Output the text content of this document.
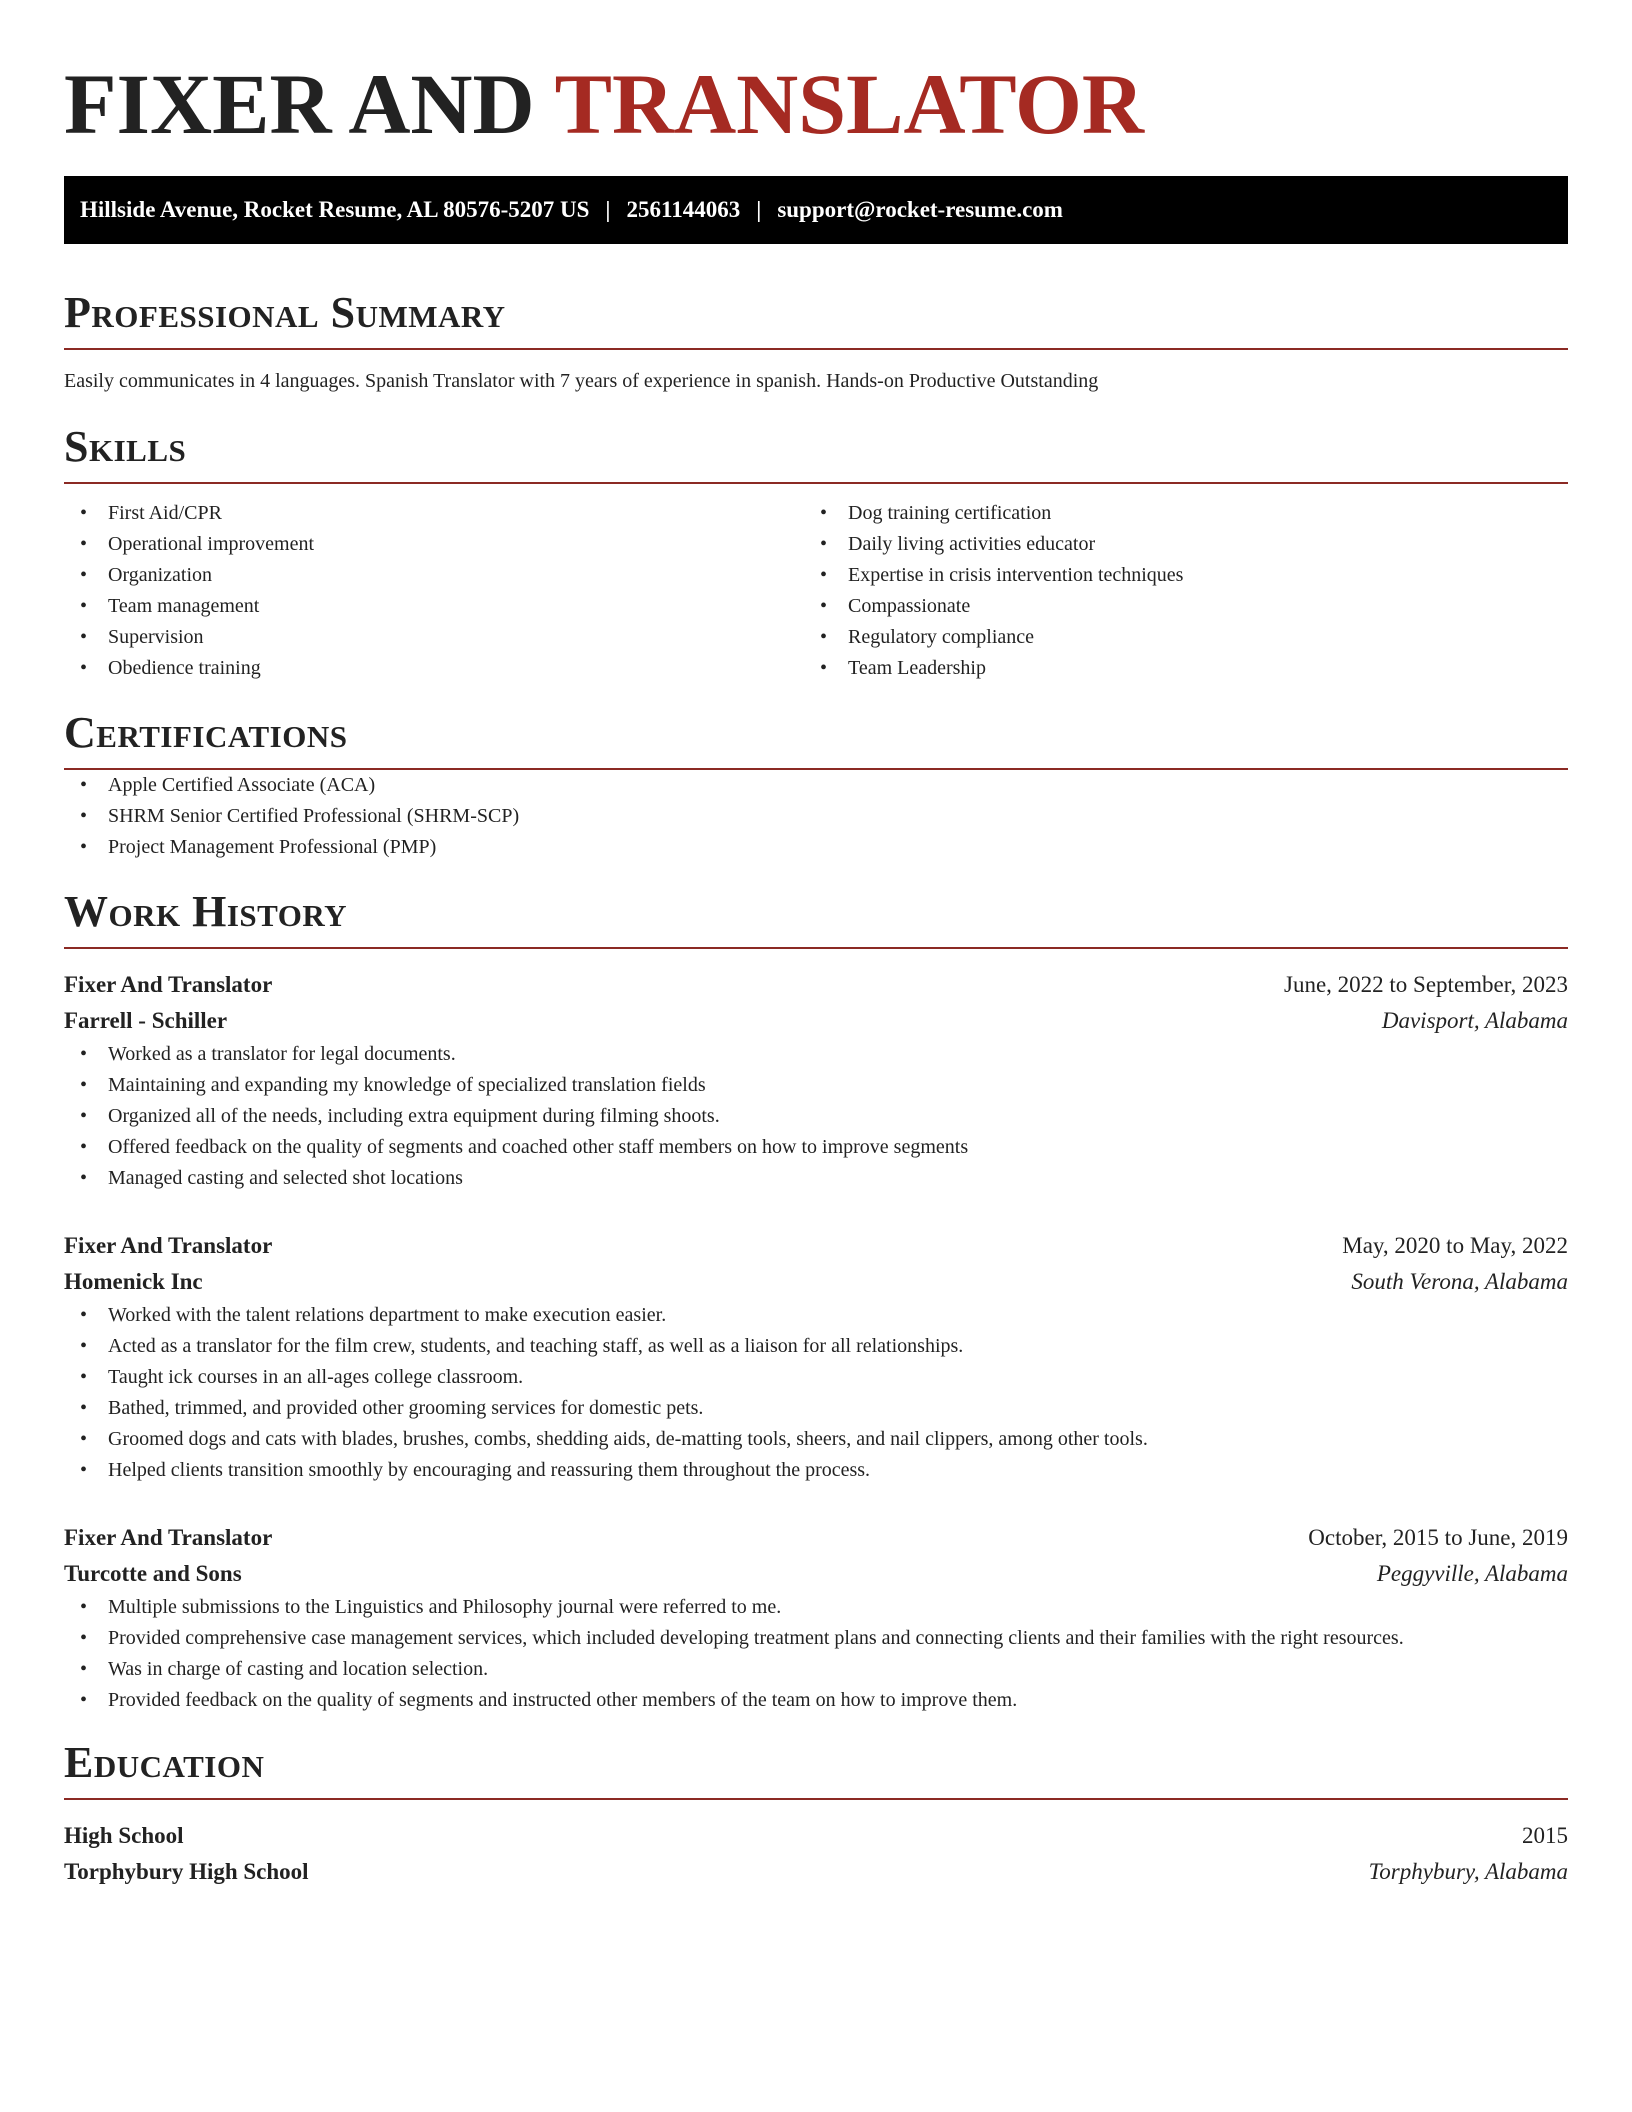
FIXER AND TRANSLATOR
Hillside Avenue, Rocket Resume, AL 80576-5207 US | 2561144063 | support@rocket-resume.com
Professional Summary
Easily communicates in 4 languages. Spanish Translator with 7 years of experience in spanish. Hands-on Productive Outstanding
Skills
• First Aid/CPR
• Operational improvement
• Organization
• Team management
• Supervision
• Obedience training
• Dog training certification
• Daily living activities educator
• Expertise in crisis intervention techniques
• Compassionate
• Regulatory compliance
• Team Leadership
Certifications
• Apple Certified Associate (ACA)
• SHRM Senior Certified Professional (SHRM-SCP)
• Project Management Professional (PMP)
Work History
Fixer And Translator	June, 2022 to September, 2023
Farrell - Schiller	Davisport, Alabama
• Worked as a translator for legal documents.
• Maintaining and expanding my knowledge of specialized translation fields
• Organized all of the needs, including extra equipment during filming shoots.
• Offered feedback on the quality of segments and coached other staff members on how to improve segments
• Managed casting and selected shot locations
Fixer And Translator	May, 2020 to May, 2022
Homenick Inc	South Verona, Alabama
• Worked with the talent relations department to make execution easier.
• Acted as a translator for the film crew, students, and teaching staff, as well as a liaison for all relationships.
• Taught ick courses in an all-ages college classroom.
• Bathed, trimmed, and provided other grooming services for domestic pets.
• Groomed dogs and cats with blades, brushes, combs, shedding aids, de-matting tools, sheers, and nail clippers, among other tools.
• Helped clients transition smoothly by encouraging and reassuring them throughout the process.
Fixer And Translator	October, 2015 to June, 2019
Turcotte and Sons	Peggyville, Alabama
• Multiple submissions to the Linguistics and Philosophy journal were referred to me.
• Provided comprehensive case management services, which included developing treatment plans and connecting clients and their families with the right resources.
• Was in charge of casting and location selection.
• Provided feedback on the quality of segments and instructed other members of the team on how to improve them.
Education
High School	2015
Torphybury High School	Torphybury, Alabama
